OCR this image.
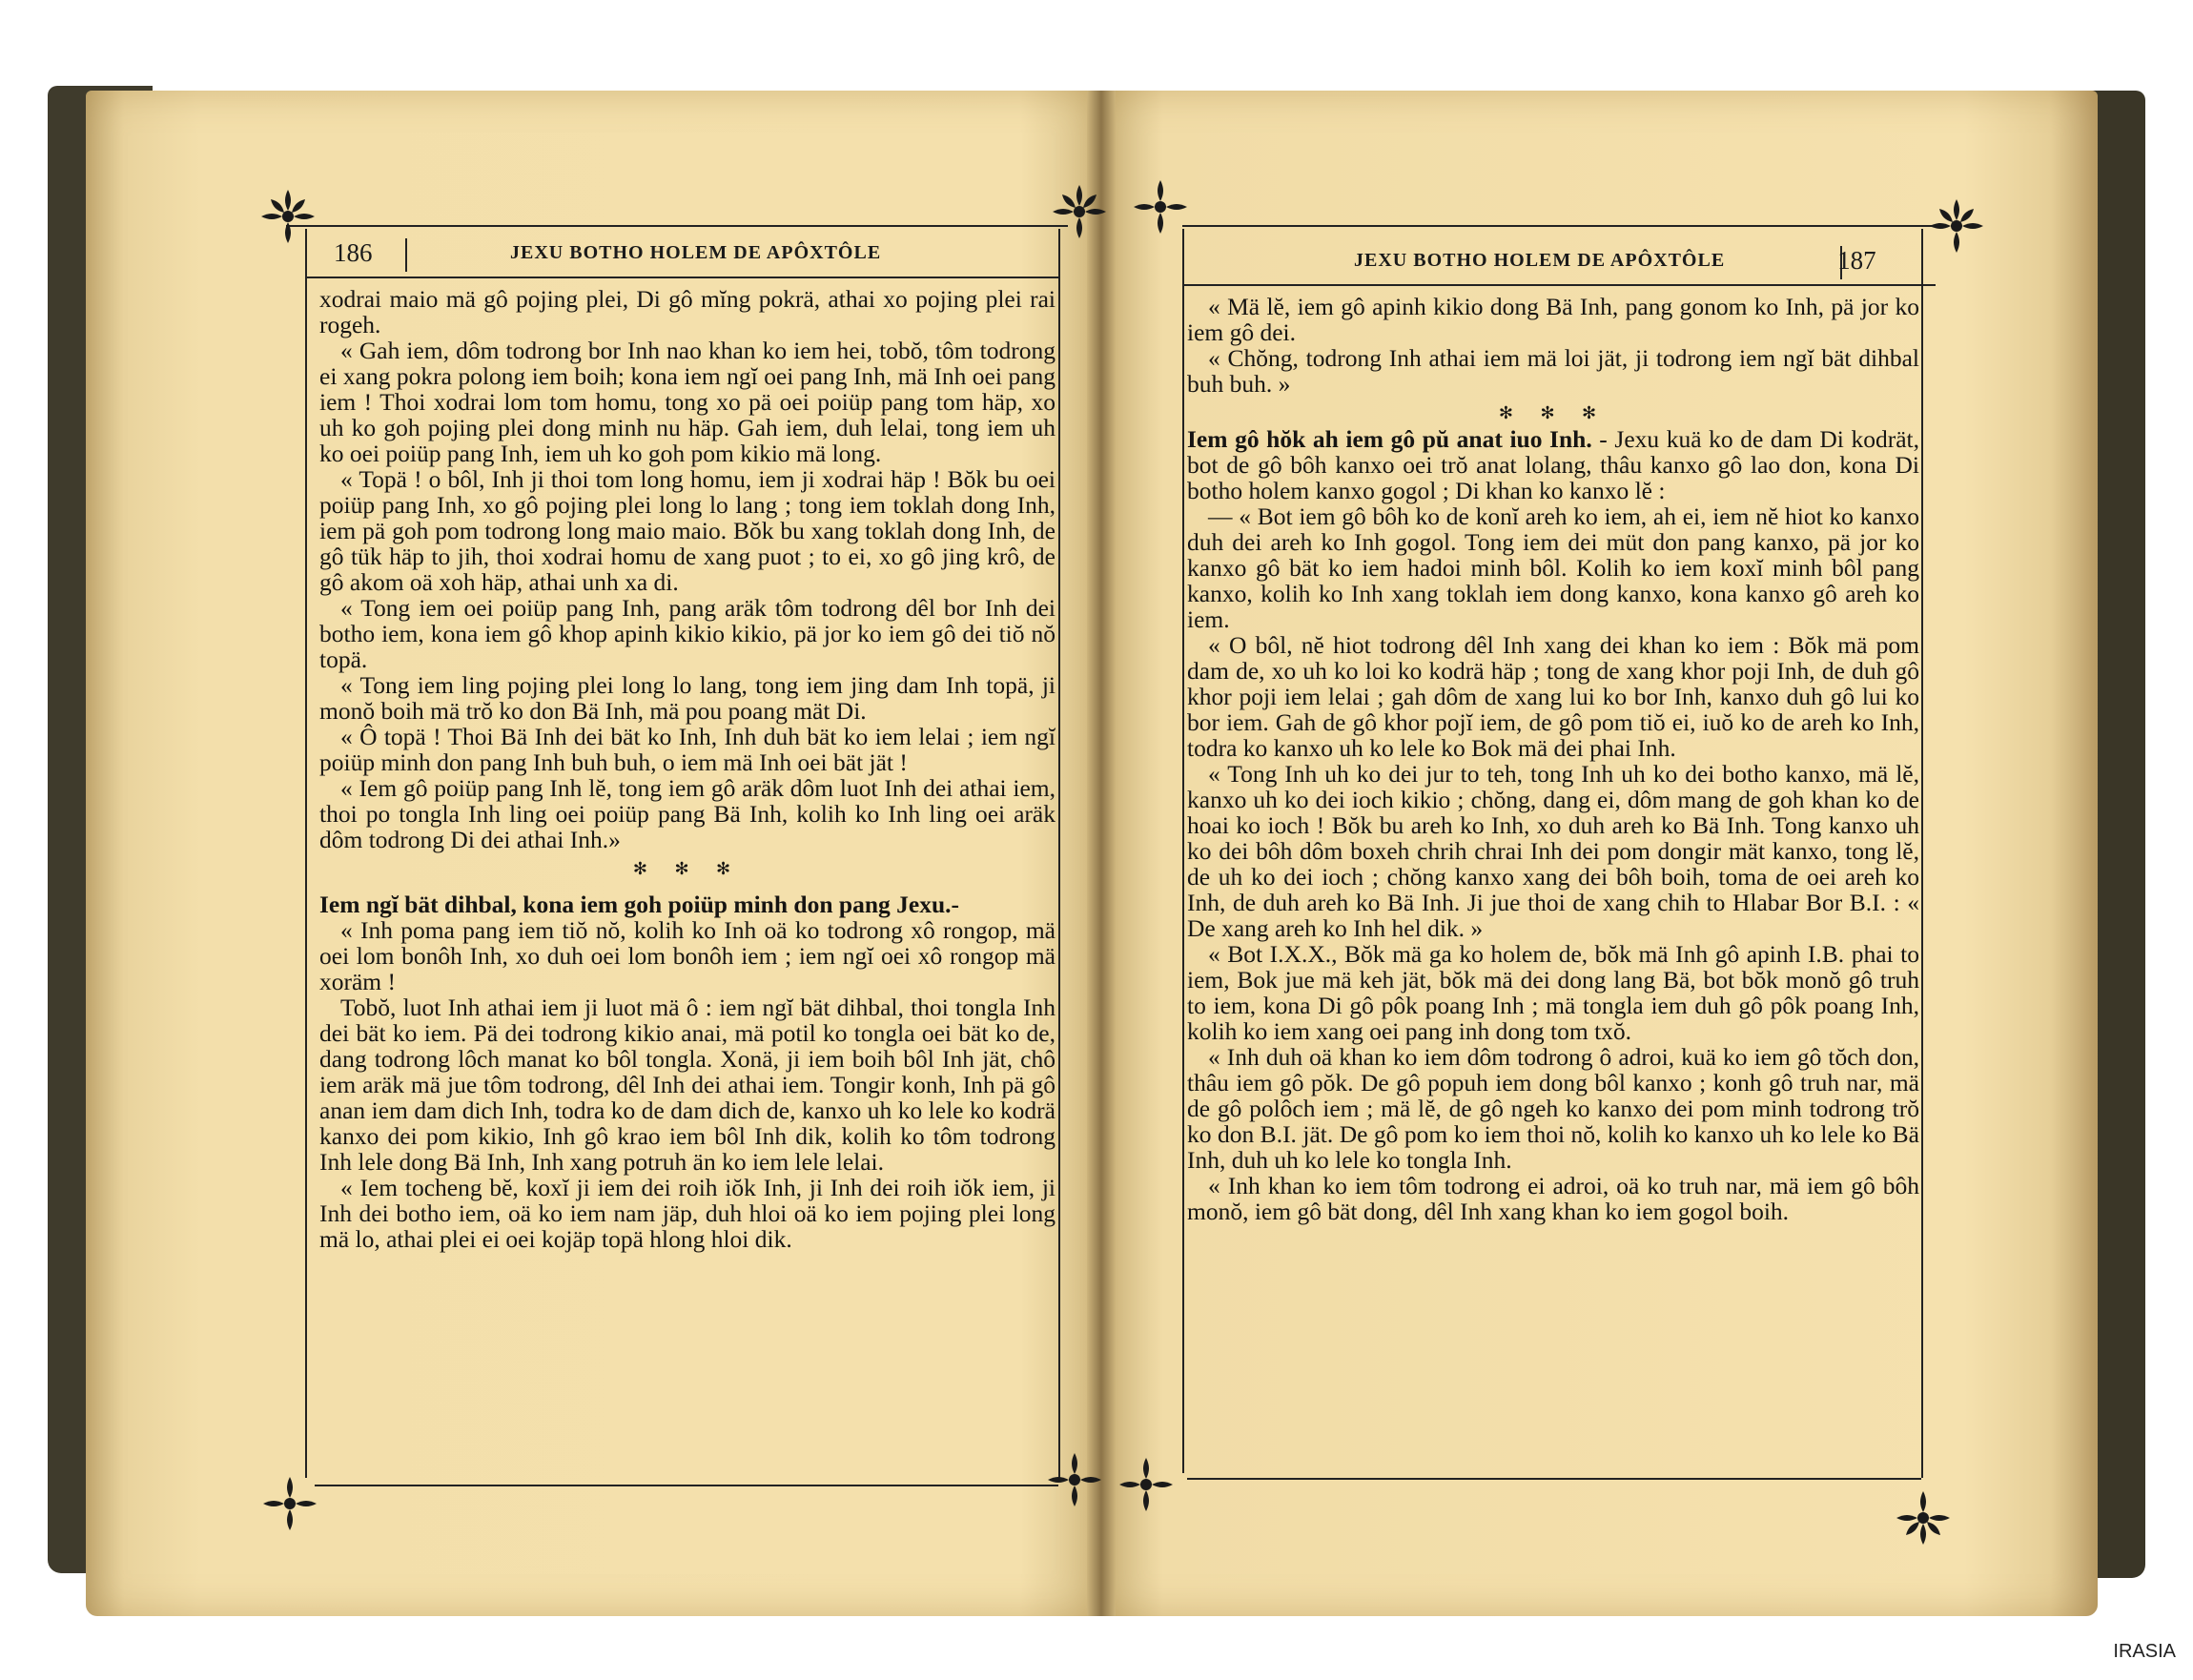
186	JEXU BOTHO HOLEM DE APÔXTÔLE

xodrai maio mä gô pojing plei, Di gô mĭng pokrä, athai xo pojing plei rai rogeh.

« Gah iem, dôm todrong bor Inh nao khan ko iem hei, tobŏ, tôm todrong ei xang pokra polong iem boih; kona iem ngĭ oei pang Inh, mä Inh oei pang iem ! Thoi xodrai lom tom homu, tong xo pä oei poiüp pang tom häp, xo uh ko goh pojing plei dong minh nu häp. Gah iem, duh lelai, tong iem uh ko oei poiüp pang Inh, iem uh ko goh pom kikio mä long.

« Topä ! o bôl, Inh ji thoi tom long homu, iem ji xodrai häp ! Bŏk bu oei poiüp pang Inh, xo gô pojing plei long lo lang ; tong iem toklah dong Inh, iem pä goh pom todrong long maio maio. Bŏk bu xang toklah dong Inh, de gô tük häp to jih, thoi xodrai homu de xang puot ; to ei, xo gô jing krô, de gô akom oä xoh häp, athai unh xa di.

« Tong iem oei poiüp pang Inh, pang aräk tôm todrong dêl bor Inh dei botho iem, kona iem gô khop apinh kikio kikio, pä jor ko iem gô dei tiŏ nŏ topä.

« Tong iem ling pojing plei long lo lang, tong iem jing dam Inh topä, ji monŏ boih mä trŏ ko don Bä Inh, mä pou poang mät Di.

« Ô topä ! Thoi Bä Inh dei bät ko Inh, Inh duh bät ko iem lelai ; iem ngĭ poiüp minh don pang Inh buh buh, o iem mä Inh oei bät jät !

« Iem gô poiüp pang Inh lĕ, tong iem gô aräk dôm luot Inh dei athai iem, thoi po tongla Inh ling oei poiüp pang Bä Inh, kolih ko Inh ling oei aräk dôm todrong Di dei athai Inh.»

✻ ✻ ✻

Iem ngĭ bät dihbal, kona iem goh poiüp minh don pang Jexu.-

« Inh poma pang iem tiŏ nŏ, kolih ko Inh oä ko todrong xô rongop, mä oei lom bonôh Inh, xo duh oei lom bonôh iem ; iem ngĭ oei xô rongop mä xoräm !

Tobŏ, luot Inh athai iem ji luot mä ô : iem ngĭ bät dihbal, thoi tongla Inh dei bät ko iem. Pä dei todrong kikio anai, mä potil ko tongla oei bät ko de, dang todrong lôch manat ko bôl tongla. Xonä, ji iem boih bôl Inh jät, chô iem aräk mä jue tôm todrong, dêl Inh dei athai iem. Tongir konh, Inh pä gô anan iem dam dich Inh, todra ko de dam dich de, kanxo uh ko lele ko kodrä kanxo dei pom kikio, Inh gô krao iem bôl Inh dik, kolih ko tôm todrong Inh lele dong Bä Inh, Inh xang potruh än ko iem lele lelai.

« Iem tocheng bĕ, koxĭ ji iem dei roih iŏk Inh, ji Inh dei roih iŏk iem, ji Inh dei botho iem, oä ko iem nam jäp, duh hloi oä ko iem pojing plei long mä lo, athai plei ei oei kojäp topä hlong hloi dik.

JEXU BOTHO HOLEM DE APÔXTÔLE	187

« Mä lĕ, iem gô apinh kikio dong Bä Inh, pang gonom ko Inh, pä jor ko iem gô dei.

« Chŏng, todrong Inh athai iem mä loi jät, ji todrong iem ngĭ bät dihbal buh buh. »

✻ ✻ ✻

Iem gô hŏk ah iem gô pŭ anat iuo Inh. - Jexu kuä ko de dam Di kodrät, bot de gô bôh kanxo oei trŏ anat lolang, thâu kanxo gô lao don, kona Di botho holem kanxo gogol ; Di khan ko kanxo lĕ :

— « Bot iem gô bôh ko de konĭ areh ko iem, ah ei, iem nĕ hiot ko kanxo duh dei areh ko Inh gogol. Tong iem dei müt don pang kanxo, pä jor ko kanxo gô bät ko iem hadoi minh bôl. Kolih ko iem koxĭ minh bôl pang kanxo, kolih ko Inh xang toklah iem dong kanxo, kona kanxo gô areh ko iem.

« O bôl, nĕ hiot todrong dêl Inh xang dei khan ko iem : Bŏk mä pom dam de, xo uh ko loi ko kodrä häp ; tong de xang khor poji Inh, de duh gô khor poji iem lelai ; gah dôm de xang lui ko bor Inh, kanxo duh gô lui ko bor iem. Gah de gô khor pojĭ iem, de gô pom tiŏ ei, iuŏ ko de areh ko Inh, todra ko kanxo uh ko lele ko Bok mä dei phai Inh.

« Tong Inh uh ko dei jur to teh, tong Inh uh ko dei botho kanxo, mä lĕ, kanxo uh ko dei ioch kikio ; chŏng, dang ei, dôm mang de goh khan ko de hoai ko ioch ! Bŏk bu areh ko Inh, xo duh areh ko Bä Inh. Tong kanxo uh ko dei bôh dôm boxeh chrih chrai Inh dei pom dongir mät kanxo, tong lĕ, de uh ko dei ioch ; chŏng kanxo xang dei bôh boih, toma de oei areh ko Inh, de duh areh ko Bä Inh. Ji jue thoi de xang chih to Hlabar Bor B.I. : « De xang areh ko Inh hel dik. »

« Bot I.X.X., Bŏk mä ga ko holem de, bŏk mä Inh gô apinh I.B. phai to iem, Bok jue mä keh jät, bŏk mä dei dong lang Bä, bot bŏk monŏ gô truh to iem, kona Di gô pôk poang Inh ; mä tongla iem duh gô pôk poang Inh, kolih ko iem xang oei pang inh dong tom txŏ.

« Inh duh oä khan ko iem dôm todrong ô adroi, kuä ko iem gô tŏch don, thâu iem gô pŏk. De gô popuh iem dong bôl kanxo ; konh gô truh nar, mä de gô polôch iem ; mä lĕ, de gô ngeh ko kanxo dei pom minh todrong trŏ ko don B.I. jät. De gô pom ko iem thoi nŏ, kolih ko kanxo uh ko lele ko Bä Inh, duh uh ko lele ko tongla Inh.

« Inh khan ko iem tôm todrong ei adroi, oä ko truh nar, mä iem gô bôh monŏ, iem gô bät dong, dêl Inh xang khan ko iem gogol boih.

IRASIA
